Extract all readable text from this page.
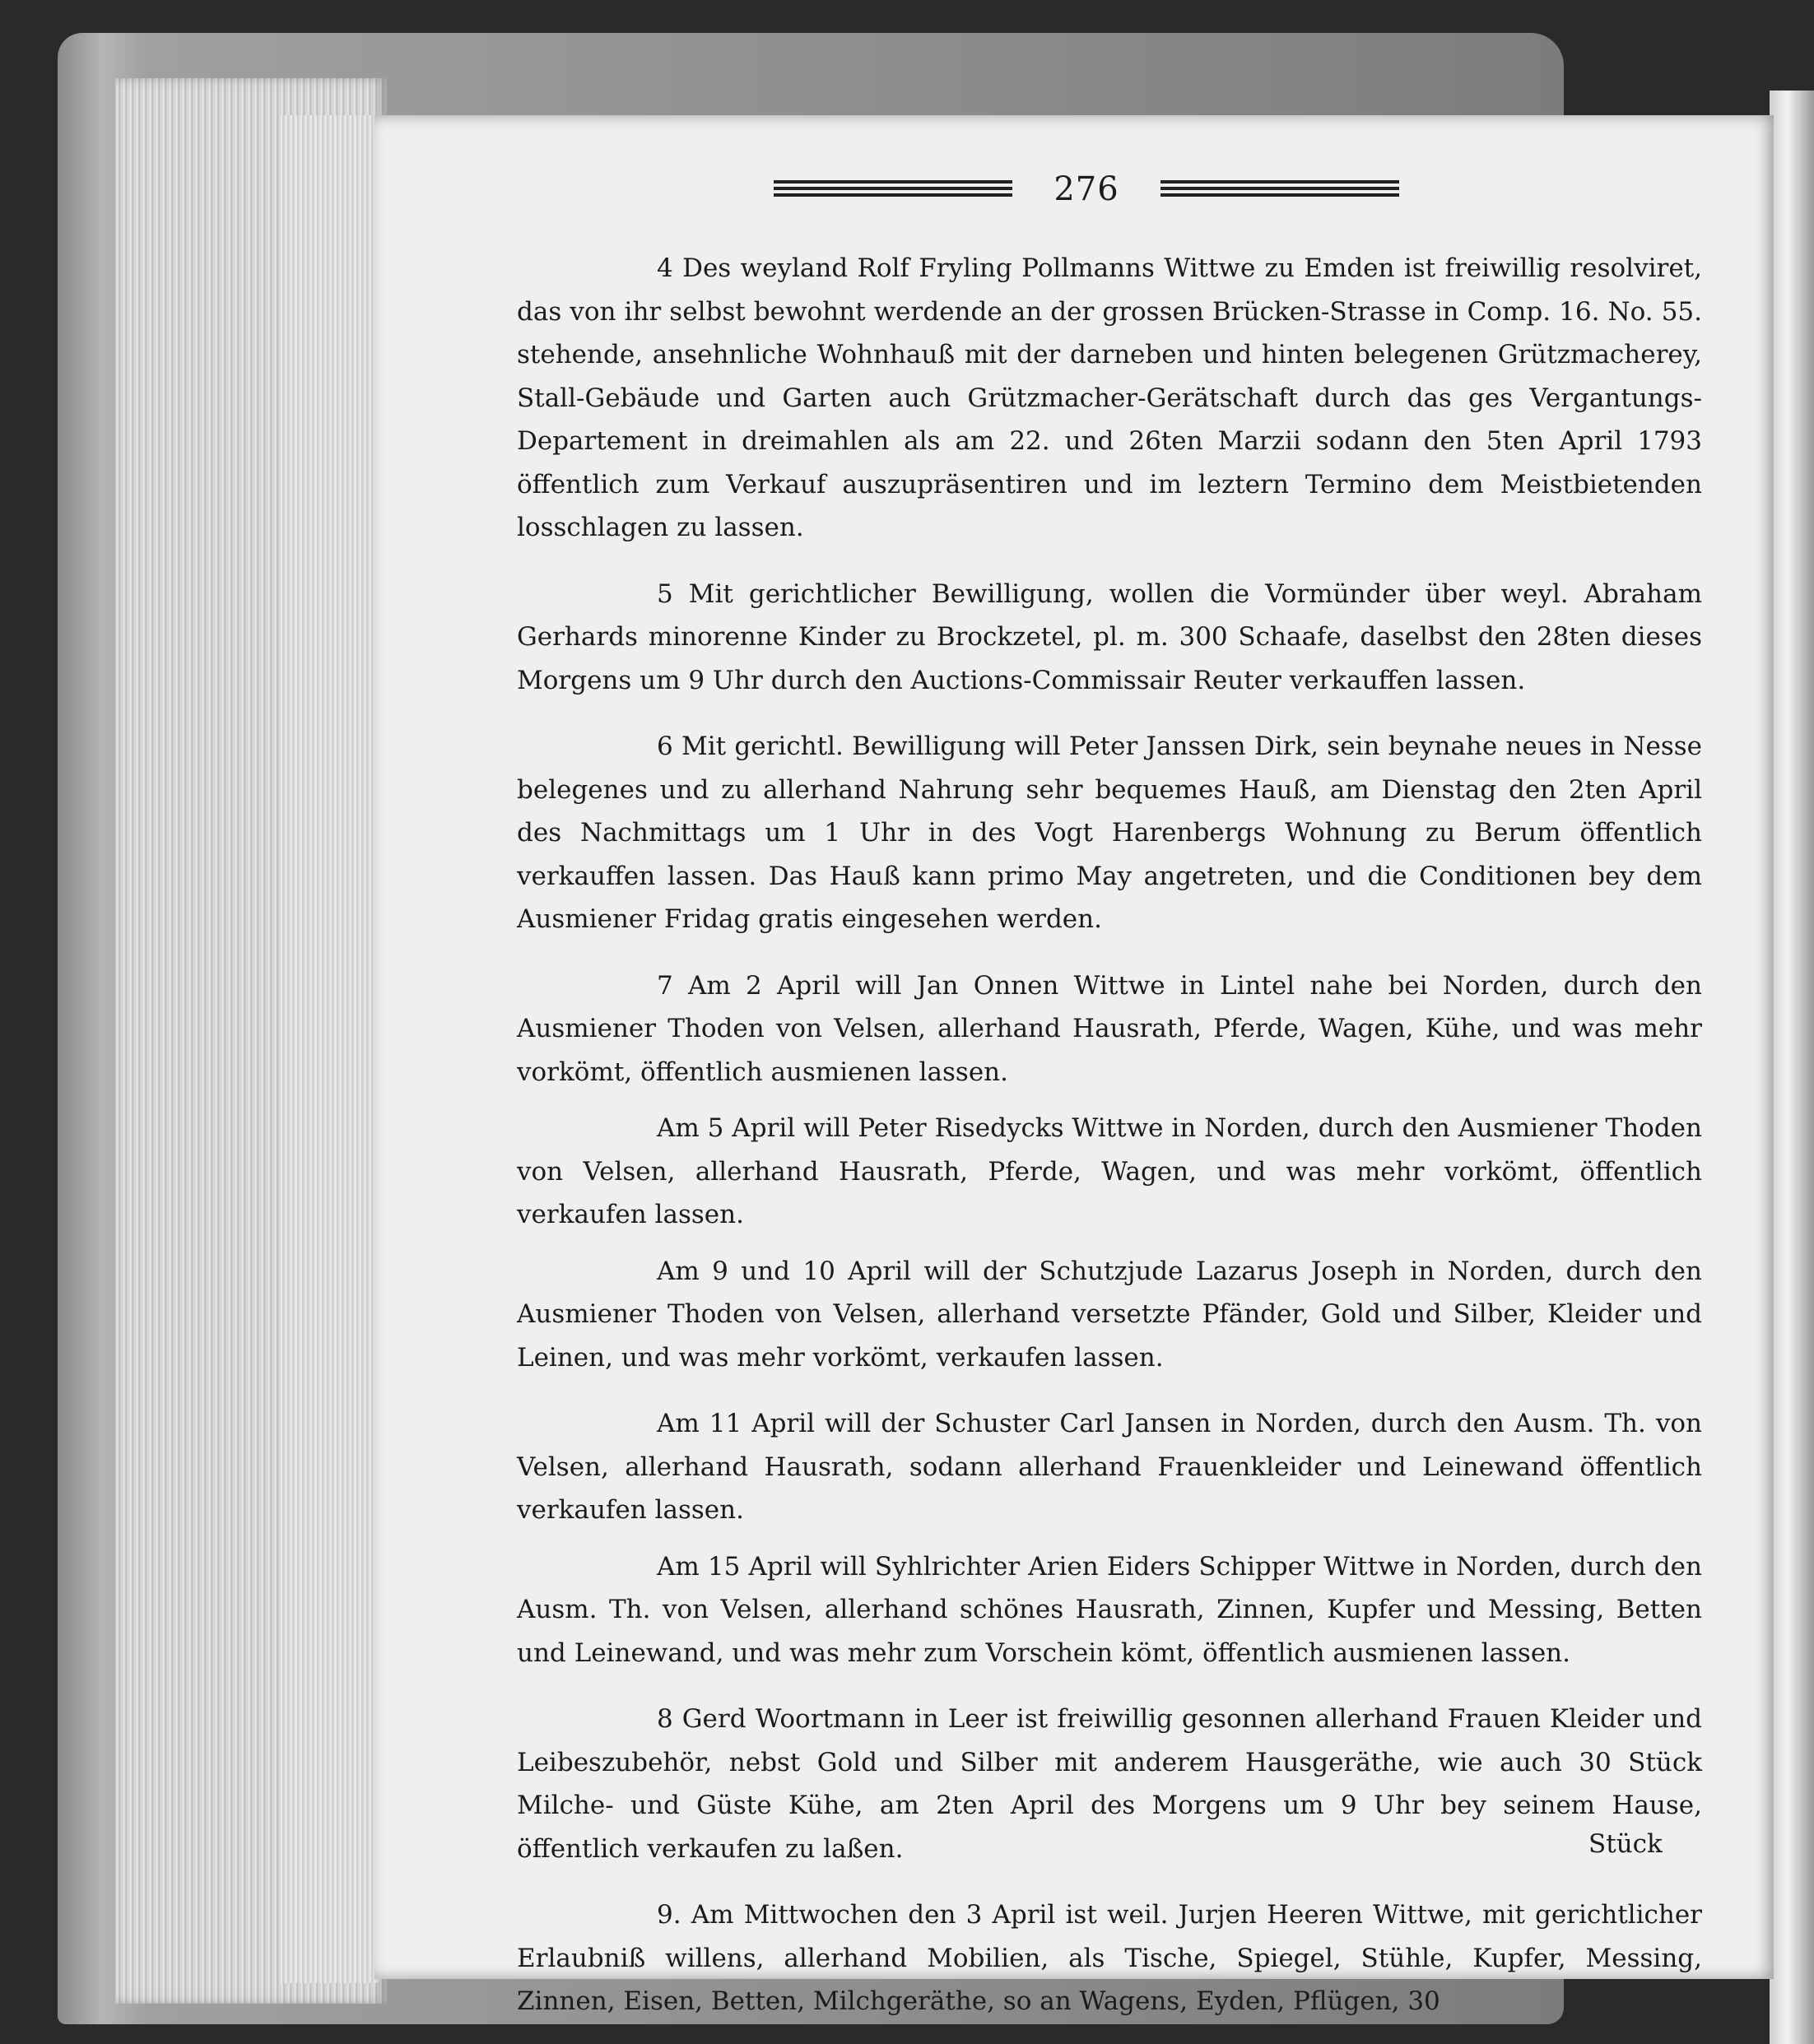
276

4 Des weyland Rolf Fryling Pollmanns Wittwe zu Emden ist freiwillig resolviret, das von ihr selbst bewohnt werdende an der grossen Brücken-Strasse in Comp. 16. No. 55. stehende, ansehnliche Wohnhauß mit der darneben und hinten belegenen Grützmacherey, Stall-Gebäude und Garten auch Grützmacher-Gerätschaft durch das ges Vergantungs-Departement in dreimahlen als am 22. und 26ten Marzii sodann den 5ten April 1793 öffentlich zum Verkauf auszupräsentiren und im leztern Termino dem Meistbietenden losschlagen zu lassen.

5 Mit gerichtlicher Bewilligung, wollen die Vormünder über weyl. Abraham Gerhards minorenne Kinder zu Brockzetel, pl. m. 300 Schaafe, daselbst den 28ten dieses Morgens um 9 Uhr durch den Auctions-Commissair Reuter verkauffen lassen.

6 Mit gerichtl. Bewilligung will Peter Janssen Dirk, sein beynahe neues in Nesse belegenes und zu allerhand Nahrung sehr bequemes Hauß, am Dienstag den 2ten April des Nachmittags um 1 Uhr in des Vogt Harenbergs Wohnung zu Berum öffentlich verkauffen lassen. Das Hauß kann primo May angetreten, und die Conditionen bey dem Ausmiener Fridag gratis eingesehen werden.

7 Am 2 April will Jan Onnen Wittwe in Lintel nahe bei Norden, durch den Ausmiener Thoden von Velsen, allerhand Hausrath, Pferde, Wagen, Kühe, und was mehr vorkömt, öffentlich ausmienen lassen.

Am 5 April will Peter Risedycks Wittwe in Norden, durch den Ausmiener Thoden von Velsen, allerhand Hausrath, Pferde, Wagen, und was mehr vorkömt, öffentlich verkaufen lassen.

Am 9 und 10 April will der Schutzjude Lazarus Joseph in Norden, durch den Ausmiener Thoden von Velsen, allerhand versetzte Pfänder, Gold und Silber, Kleider und Leinen, und was mehr vorkömt, verkaufen lassen.

Am 11 April will der Schuster Carl Jansen in Norden, durch den Ausm. Th. von Velsen, allerhand Hausrath, sodann allerhand Frauenkleider und Leinewand öffentlich verkaufen lassen.

Am 15 April will Syhlrichter Arien Eiders Schipper Wittwe in Norden, durch den Ausm. Th. von Velsen, allerhand schönes Hausrath, Zinnen, Kupfer und Messing, Betten und Leinewand, und was mehr zum Vorschein kömt, öffentlich ausmienen lassen.

8 Gerd Woortmann in Leer ist freiwillig gesonnen allerhand Frauen Kleider und Leibeszubehör, nebst Gold und Silber mit anderem Hausgeräthe, wie auch 30 Stück Milche- und Güste Kühe, am 2ten April des Morgens um 9 Uhr bey seinem Hause, öffentlich verkaufen zu laßen.

9. Am Mittwochen den 3 April ist weil. Jurjen Heeren Wittwe, mit gerichtlicher Erlaubniß willens, allerhand Mobilien, als Tische, Spiegel, Stühle, Kupfer, Messing, Zinnen, Eisen, Betten, Milchgeräthe, so an Wagens, Eyden, Pflügen, 30

Stück
